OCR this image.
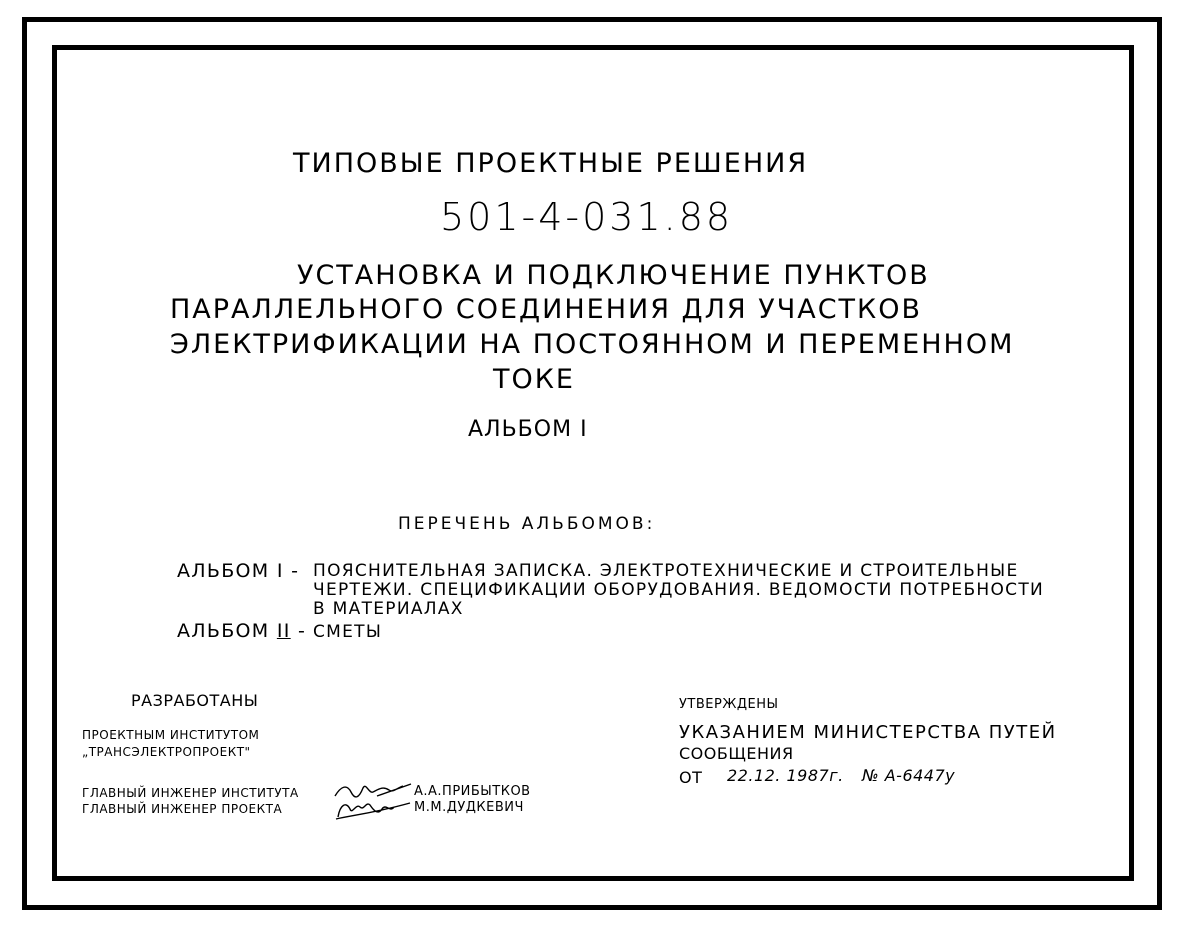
ТИПОВЫЕ ПРОЕКТНЫЕ РЕШЕНИЯ
501-4-031.88
УСТАНОВКА И ПОДКЛЮЧЕНИЕ ПУНКТОВ
ПАРАЛЛЕЛЬНОГО СОЕДИНЕНИЯ ДЛЯ УЧАСТКОВ
ЭЛЕКТРИФИКАЦИИ НА ПОСТОЯННОМ И ПЕРЕМЕННОМ
ТОКЕ
АЛЬБОМ I
ПЕРЕЧЕНЬ АЛЬБОМОВ:
АЛЬБОМ I - ПОЯСНИТЕЛЬНАЯ ЗАПИСКА. ЭЛЕКТРОТЕХНИЧЕСКИЕ И СТРОИТЕЛЬНЫЕ
ЧЕРТЕЖИ. СПЕЦИФИКАЦИИ ОБОРУДОВАНИЯ. ВЕДОМОСТИ ПОТРЕБНОСТИ
В МАТЕРИАЛАХ
АЛЬБОМ II - СМЕТЫ
РАЗРАБОТАНЫ
ПРОЕКТНЫМ ИНСТИТУТОМ
„ТРАНСЭЛЕКТРОПРОЕКТ"
ГЛАВНЫЙ ИНЖЕНЕР ИНСТИТУТА	А.А.ПРИБЫТКОВ
ГЛАВНЫЙ ИНЖЕНЕР ПРОЕКТА	М.М.ДУДКЕВИЧ
УТВЕРЖДЕНЫ
УКАЗАНИЕМ МИНИСТЕРСТВА ПУТЕЙ
СООБЩЕНИЯ
ОТ 22.12. 1987г. № А-6447у
